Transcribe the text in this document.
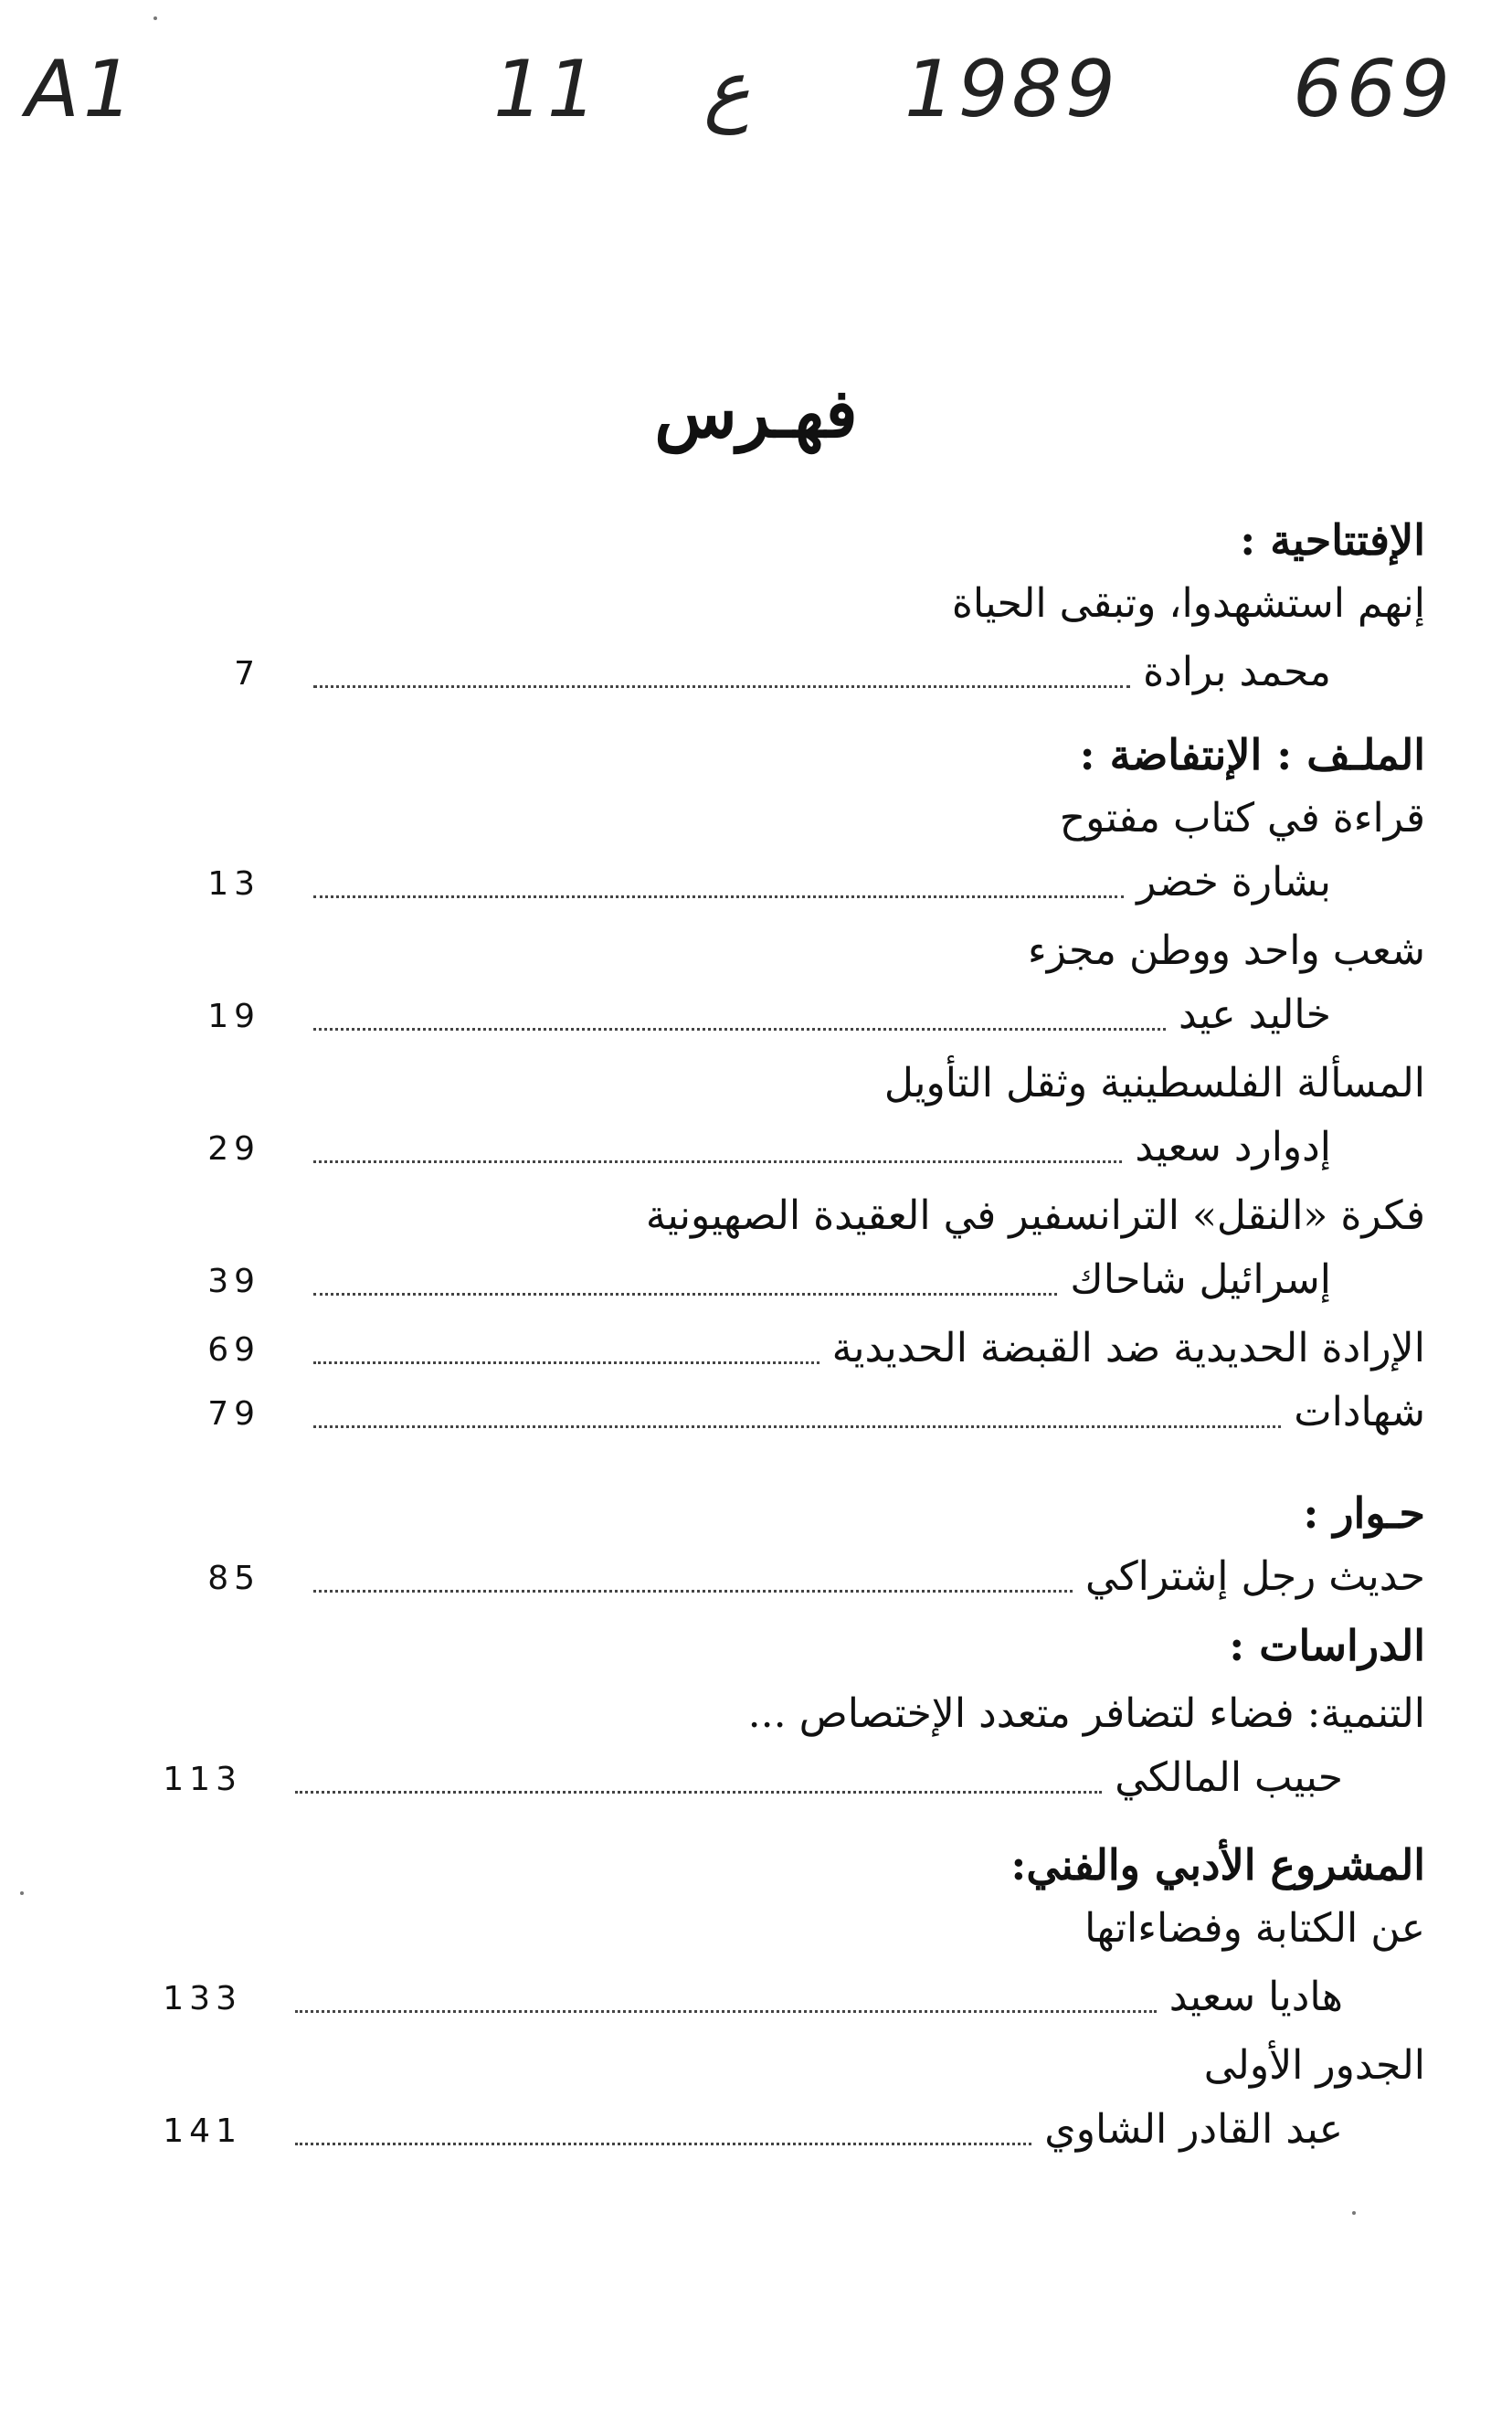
A1	11 ع 1989 669
فهـرس
الإفتتاحية :
إنهم استشهدوا، وتبقى الحياة
محمد برادة
7
الملـف : الإنتفاضة :
قراءة في كتاب مفتوح
بشارة خضر
13
شعب واحد ووطن مجزء
خاليد عيد
19
المسألة الفلسطينية وثقل التأويل
إدوارد سعيد
29
فكرة «النقل» الترانسفير في العقيدة الصهيونية
إسرائيل شاحاك
39
الإرادة الحديدية ضد القبضة الحديدية
69
شهادات
79
حـوار :
حديث رجل إشتراكي
85
الدراسات :
التنمية: فضاء لتضافر متعدد الإختصاص ...
حبيب المالكي
113
المشروع الأدبي والفني:
عن الكتابة وفضاءاتها
هاديا سعيد
133
الجدور الأولى
عبد القادر الشاوي
141
